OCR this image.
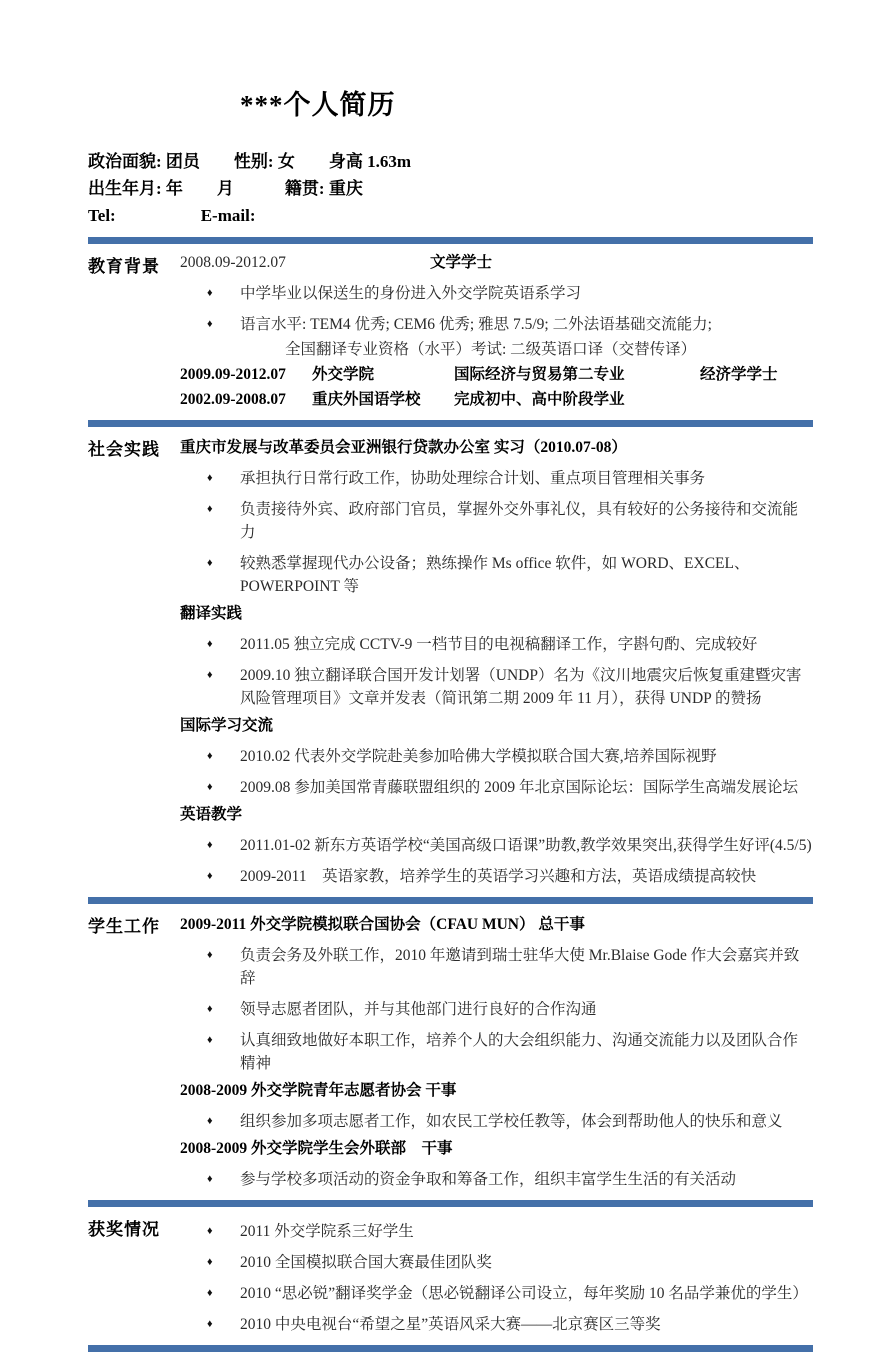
***个人简历
政治面貌: 团员　　性别: 女　　身高 1.63m
出生年月: 年　　月　　　籍贯: 重庆
Tel:　　　　　E-mail:
教育背景	2008.09-2012.07	文学学士
♦	中学毕业以保送生的身份进入外交学院英语系学习
♦	语言水平: TEM4 优秀; CEM6 优秀; 雅思 7.5/9; 二外法语基础交流能力;
全国翻译专业资格（水平）考试: 二级英语口译（交替传译）
2009.09-2012.07	外交学院	国际经济与贸易第二专业	经济学学士
2002.09-2008.07	重庆外国语学校	完成初中、高中阶段学业
社会实践	重庆市发展与改革委员会亚洲银行贷款办公室 实习（2010.07-08）
♦	承担执行日常行政工作，协助处理综合计划、重点项目管理相关事务
♦	负责接待外宾、政府部门官员，掌握外交外事礼仪，具有较好的公务接待和交流能力
♦	较熟悉掌握现代办公设备；熟练操作 Ms office 软件，如 WORD、EXCEL、POWERPOINT 等
翻译实践
♦	2011.05 独立完成 CCTV-9 一档节目的电视稿翻译工作，字斟句酌、完成较好
♦	2009.10 独立翻译联合国开发计划署（UNDP）名为《汶川地震灾后恢复重建暨灾害风险管理项目》文章并发表（简讯第二期 2009 年 11 月），获得 UNDP 的赞扬
国际学习交流
♦	2010.02 代表外交学院赴美参加哈佛大学模拟联合国大赛,培养国际视野
♦	2009.08 参加美国常青藤联盟组织的 2009 年北京国际论坛：国际学生高端发展论坛
英语教学
♦	2011.01-02 新东方英语学校“美国高级口语课”助教,教学效果突出,获得学生好评(4.5/5)
♦	2009-2011　英语家教，培养学生的英语学习兴趣和方法，英语成绩提高较快
学生工作	2009-2011 外交学院模拟联合国协会（CFAU MUN） 总干事
♦	负责会务及外联工作，2010 年邀请到瑞士驻华大使 Mr.Blaise Gode 作大会嘉宾并致辞
♦	领导志愿者团队，并与其他部门进行良好的合作沟通
♦	认真细致地做好本职工作，培养个人的大会组织能力、沟通交流能力以及团队合作精神
2008-2009 外交学院青年志愿者协会 干事
♦	组织参加多项志愿者工作，如农民工学校任教等，体会到帮助他人的快乐和意义
2008-2009 外交学院学生会外联部　干事
♦	参与学校多项活动的资金争取和筹备工作，组织丰富学生生活的有关活动
获奖情况	♦	2011 外交学院系三好学生
♦	2010 全国模拟联合国大赛最佳团队奖
♦	2010 “思必锐”翻译奖学金（思必锐翻译公司设立，每年奖励 10 名品学兼优的学生）
♦	2010 中央电视台“希望之星”英语风采大赛——北京赛区三等奖
